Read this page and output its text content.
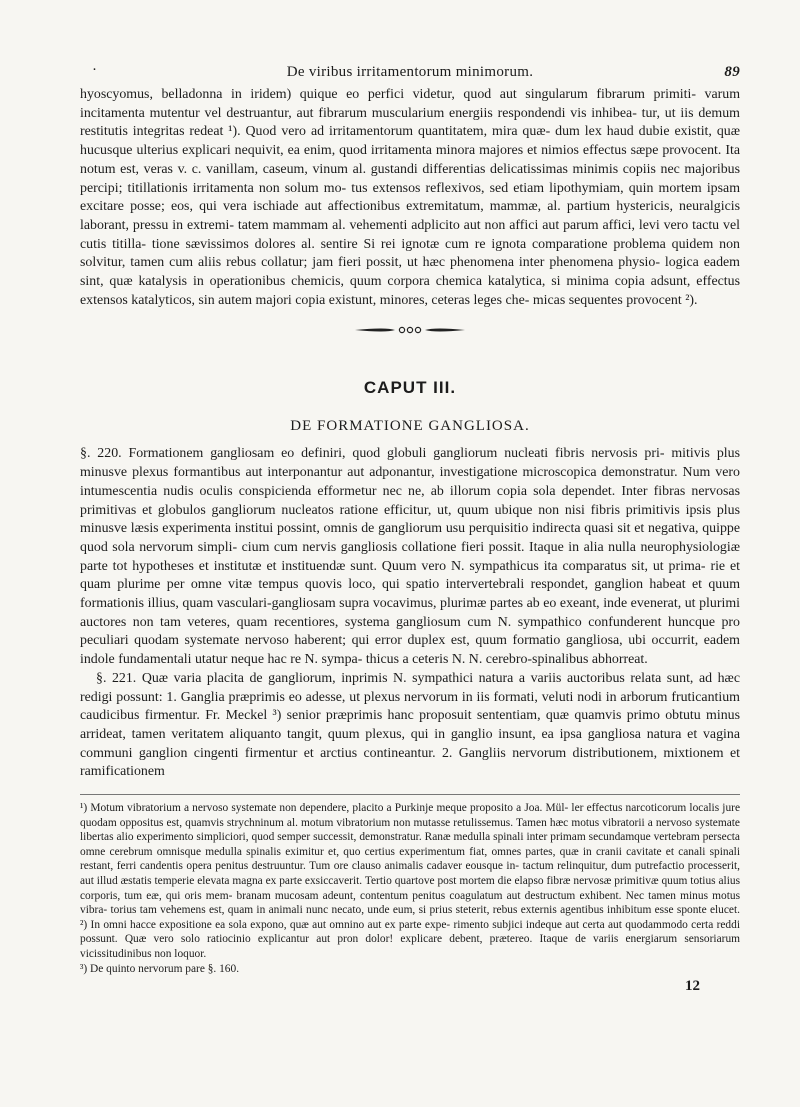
·	De viribus irritamentorum minimorum.	89

hyoscyomus, belladonna in iridem) quique eo perfici videtur, quod aut singularum fibrarum primiti- varum incitamenta mutentur vel destruantur, aut fibrarum muscularium energiis respondendi vis inhibea- tur, ut iis demum restitutis integritas redeat ¹). Quod vero ad irritamentorum quantitatem, mira quæ- dum lex haud dubie existit, quæ hucusque ulterius explicari nequivit, ea enim, quod irritamenta minora majores et nimios effectus sæpe provocent. Ita notum est, veras v. c. vanillam, caseum, vinum al. gustandi differentias delicatissimas minimis copiis nec majoribus percipi; titillationis irritamenta non solum mo- tus extensos reflexivos, sed etiam lipothymiam, quin mortem ipsam excitare posse; eos, qui vera ischiade aut affectionibus extremitatum, mammæ, al. partium hystericis, neuralgicis laborant, pressu in extremi- tatem mammam al. vehementi adplicito aut non affici aut parum affici, levi vero tactu vel cutis titilla- tione sævissimos dolores al. sentire Si rei ignotæ cum re ignota comparatione problema quidem non solvitur, tamen cum aliis rebus collatur; jam fieri possit, ut hæc phenomena inter phenomena physio- logica eadem sint, quæ katalysis in operationibus chemicis, quum corpora chemica katalytica, si minima copia adsunt, effectus extensos katalyticos, sin autem majori copia existunt, minores, ceteras leges che- micas sequentes provocent ²).

CAPUT III.
DE FORMATIONE GANGLIOSA.

§. 220. Formationem gangliosam eo definiri, quod globuli gangliorum nucleati fibris nervosis pri- mitivis plus minusve plexus formantibus aut interponantur aut adponantur, investigatione microscopica demonstratur. Num vero intumescentia nudis oculis conspicienda efformetur nec ne, ab illorum copia sola dependet. Inter fibras nervosas primitivas et globulos gangliorum nucleatos ratione efficitur, ut, quum ubique non nisi fibris primitivis ipsis plus minusve læsis experimenta institui possint, omnis de gangliorum usu perquisitio indirecta quasi sit et negativa, quippe quod sola nervorum simpli- cium cum nervis gangliosis collatione fieri possit. Itaque in alia nulla neurophysiologiæ parte tot hypotheses et institutæ et instituendæ sunt. Quum vero N. sympathicus ita comparatus sit, ut prima- rie et quam plurime per omne vitæ tempus quovis loco, qui spatio intervertebrali respondet, ganglion habeat et quum formationis illius, quam vasculari-gangliosam supra vocavimus, plurimæ partes ab eo exeant, inde evenerat, ut plurimi auctores non tam veteres, quam recentiores, systema gangliosum cum N. sympathico confunderent huncque pro peculiari quodam systemate nervoso haberent; qui error duplex est, quum formatio gangliosa, ubi occurrit, eadem indole fundamentali utatur neque hac re N. sympa- thicus a ceteris N. N. cerebro-spinalibus abhorreat.

§. 221. Quæ varia placita de gangliorum, inprimis N. sympathici natura a variis auctoribus relata sunt, ad hæc redigi possunt: 1. Ganglia præprimis eo adesse, ut plexus nervorum in iis formati, veluti nodi in arborum fruticantium caudicibus firmentur. Fr. Meckel ³) senior præprimis hanc proposuit sententiam, quæ quamvis primo obtutu minus arrideat, tamen veritatem aliquanto tangit, quum plexus, qui in ganglio insunt, ea ipsa gangliosa natura et vagina communi ganglion cingenti firmentur et arctius contineantur. 2. Gangliis nervorum distributionem, mixtionem et ramificationem

¹) Motum vibratorium a nervoso systemate non dependere, placito a Purkinje meque proposito a Joa. Mül- ler effectus narcoticorum localis jure quodam oppositus est, quamvis strychninum al. motum vibratorium non mutasse retulissemus. Tamen hæc motus vibratorii a nervoso systemate libertas alio experimento simpliciori, quod semper successit, demonstratur. Ranæ medulla spinali inter primam secundamque vertebram persecta omne cerebrum omnisque medulla spinalis eximitur et, quo certius experimentum fiat, omnes partes, quæ in cranii cavitate et canali spinali restant, ferri candentis opera penitus destruuntur. Tum ore clauso animalis cadaver eousque in- tactum relinquitur, dum putrefactio processerit, aut illud æstatis temperie elevata magna ex parte exsiccaverit. Tertio quartove post mortem die elapso fibræ nervosæ primitivæ quum totius alius corporis, tum eæ, qui oris mem- branam mucosam adeunt, contentum penitus coagulatum aut destructum exhibent. Nec tamen minus motus vibra- torius tam vehemens est, quam in animali nunc necato, unde eum, si prius steterit, rebus externis agentibus inhibitum esse sponte elucet. ²) In omni hacce expositione ea sola expono, quæ aut omnino aut ex parte expe- rimento subjici indeque aut certa aut quodammodo certa reddi possunt. Quæ vero solo ratiocinio explicantur aut pron dolor! explicare debent, prætereo. Itaque de variis energiarum sensoriarum vicissitudinibus non loquor.

³) De quinto nervorum pare §. 160.

12
